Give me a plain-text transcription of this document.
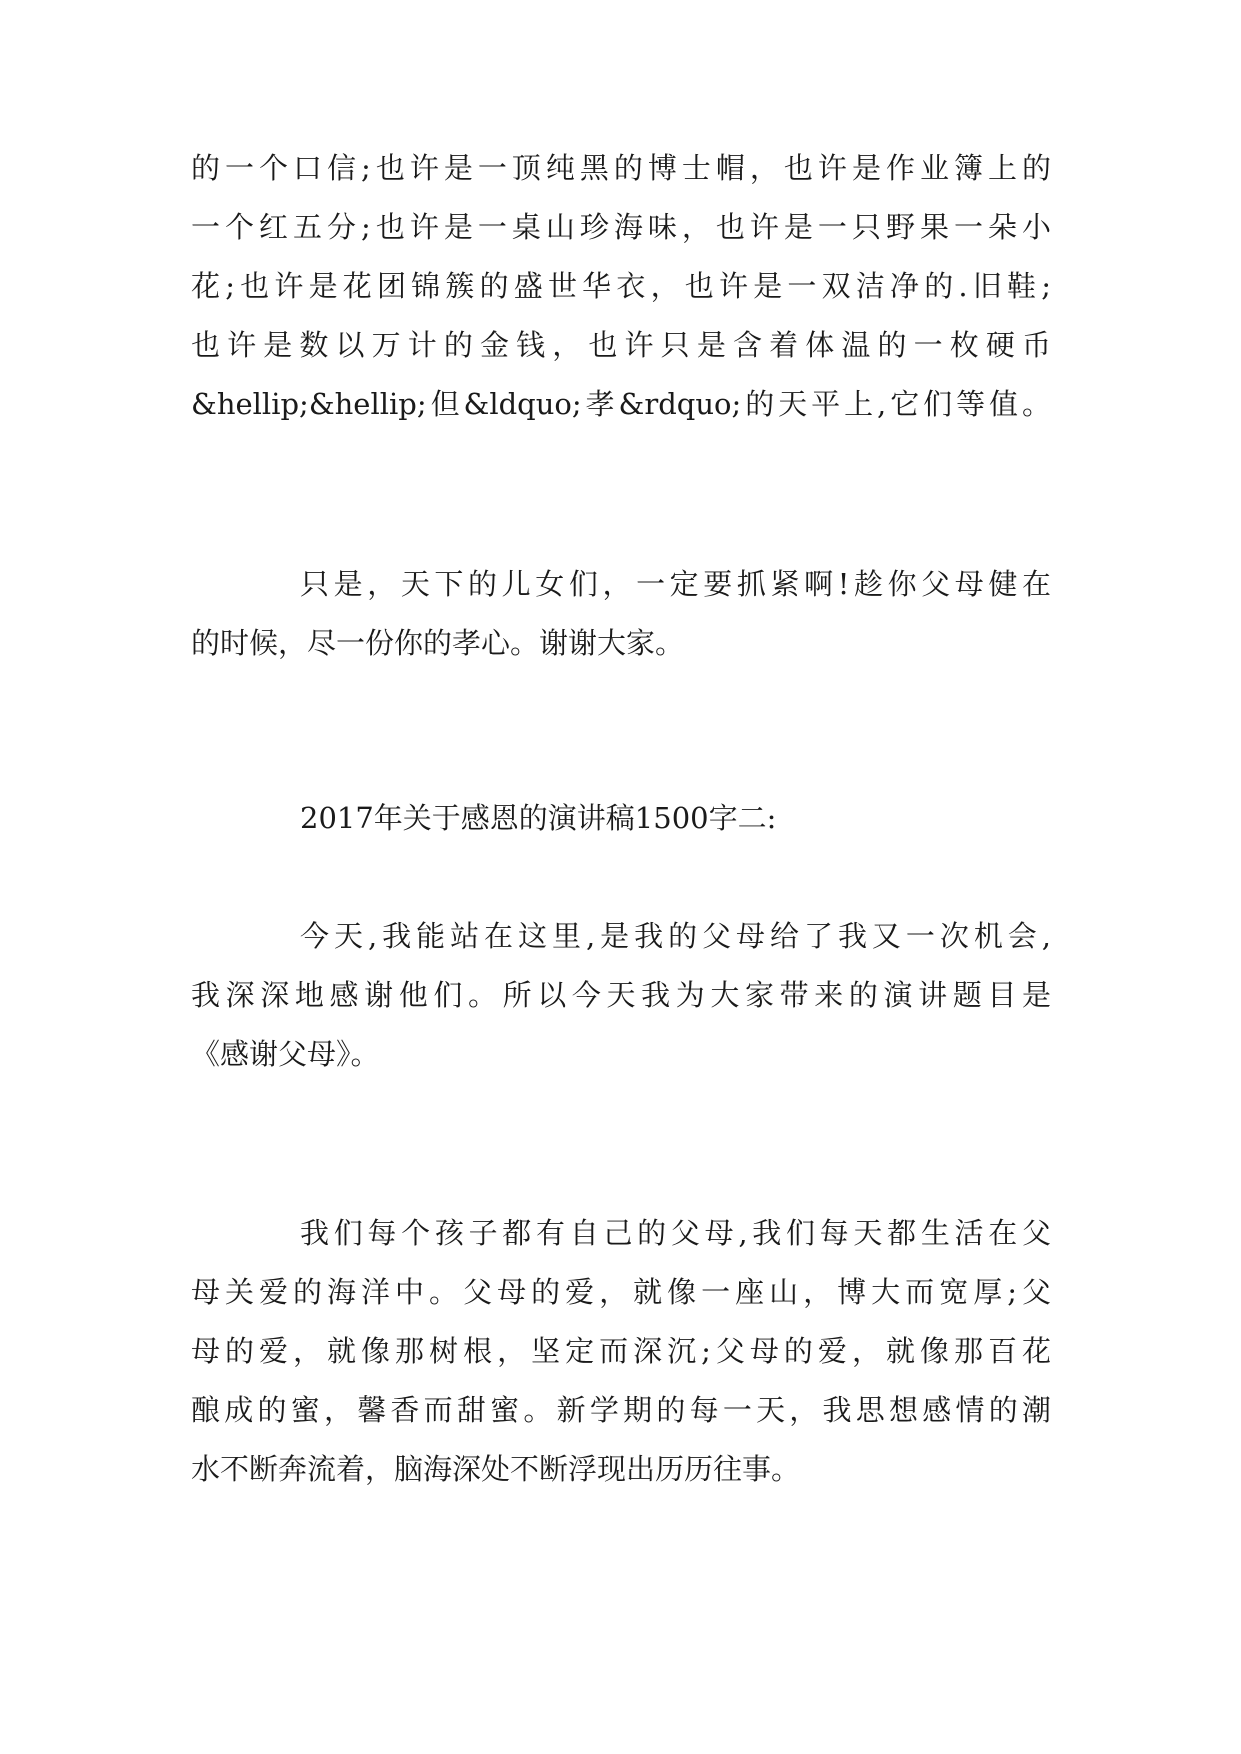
的一个口信;也许是一顶纯黑的博士帽，也许是作业簿上的
一个红五分;也许是一桌山珍海味，也许是一只野果一朵小
花;也许是花团锦簇的盛世华衣，也许是一双洁净的.旧鞋;
也许是数以万计的金钱，也许只是含着体温的一枚硬币
&hellip;&hellip;但&ldquo;孝&rdquo;的天平上,它们等值。
只是，天下的儿女们，一定要抓紧啊!趁你父母健在
的时候，尽一份你的孝心。谢谢大家。
2017年关于感恩的演讲稿1500字二:
今天,我能站在这里,是我的父母给了我又一次机会,
我深深地感谢他们。所以今天我为大家带来的演讲题目是
《感谢父母》。
我们每个孩子都有自己的父母,我们每天都生活在父
母关爱的海洋中。父母的爱，就像一座山，博大而宽厚;父
母的爱，就像那树根，坚定而深沉;父母的爱，就像那百花
酿成的蜜，馨香而甜蜜。新学期的每一天，我思想感情的潮
水不断奔流着，脑海深处不断浮现出历历往事。
